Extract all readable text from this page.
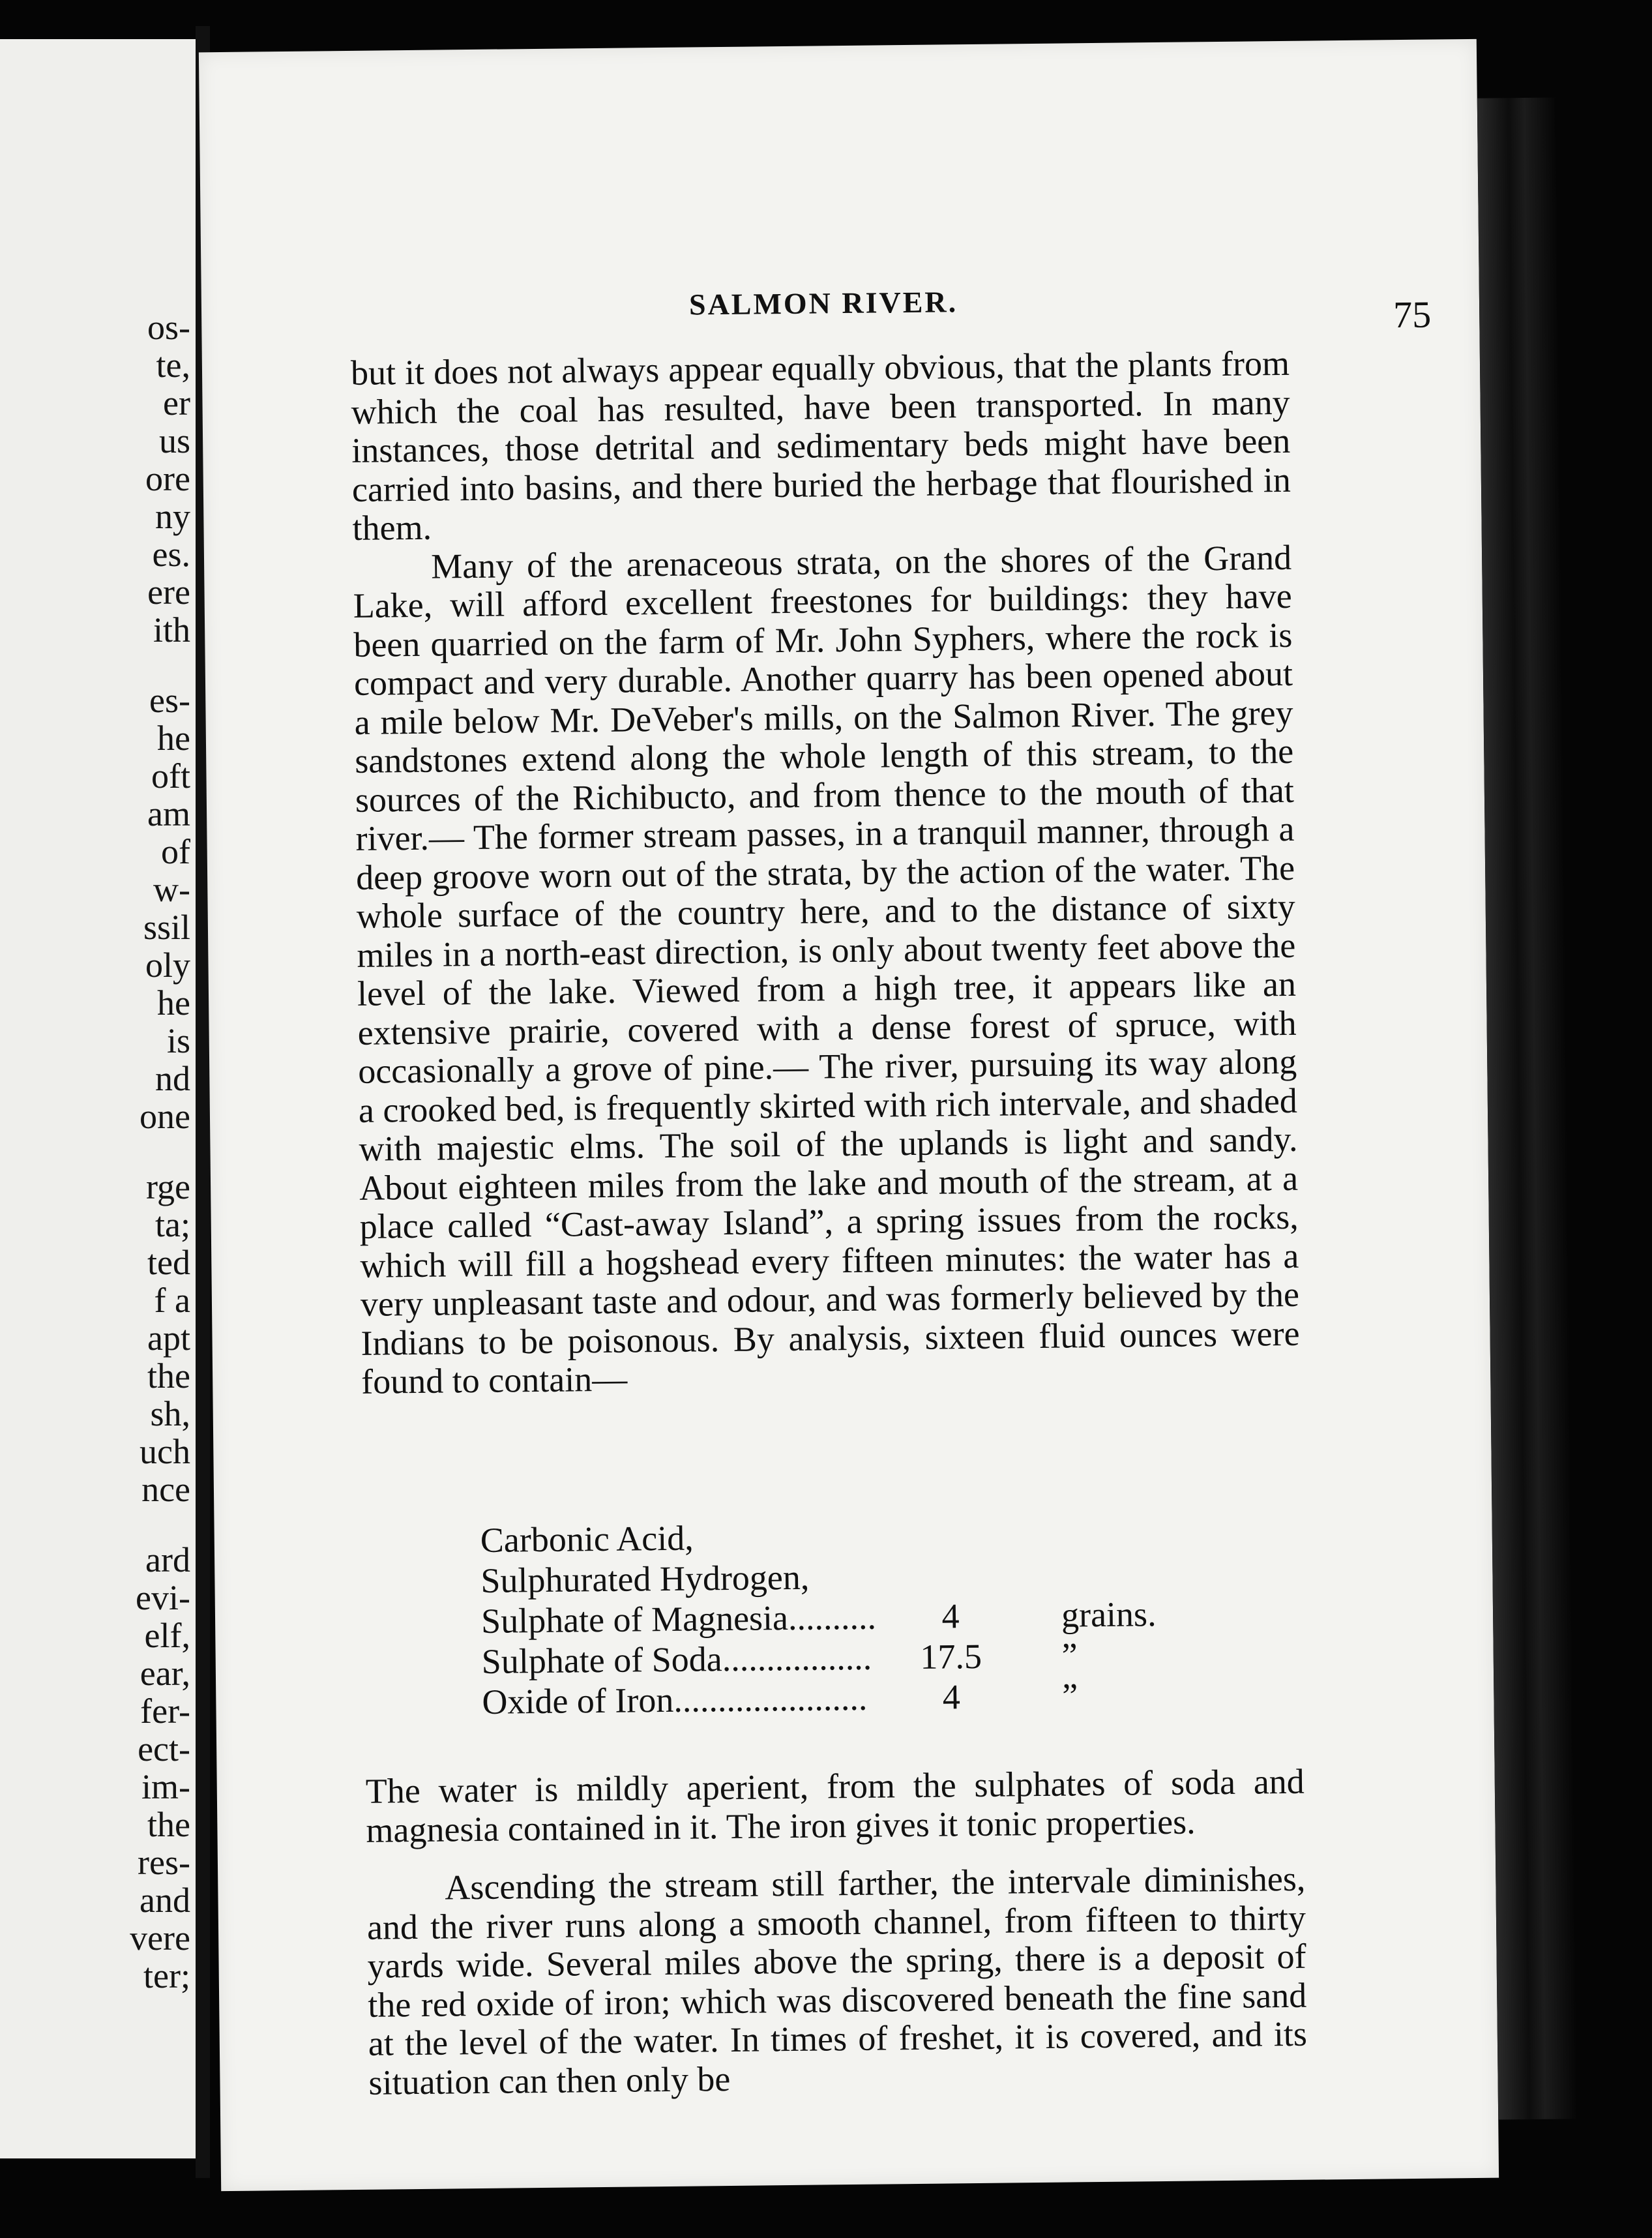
os-
te,
er
us
ore
ny
es.
ere
ith
es-
he
oft
am
of
w-
ssil
oly
he
is
nd
one
rge
ta;
ted
f a
apt
the
sh,
uch
nce
ard
evi-
elf,
ear,
fer-
ect-
im-
the
res-
and
vere
ter;
SALMON RIVER.	75

but it does not always appear equally obvious, that the plants from which the coal has resulted, have been transported. In many instances, those detrital and sedimentary beds might have been carried into basins, and there buried the herbage that flourished in them.

Many of the arenaceous strata, on the shores of the Grand Lake, will afford excellent freestones for buildings: they have been quarried on the farm of Mr. John Syphers, where the rock is compact and very durable. Another quarry has been opened about a mile below Mr. DeVeber's mills, on the Salmon River. The grey sandstones extend along the whole length of this stream, to the sources of the Richibucto, and from thence to the mouth of that river.— The former stream passes, in a tranquil manner, through a deep groove worn out of the strata, by the action of the water. The whole surface of the country here, and to the distance of sixty miles in a north-east direction, is only about twenty feet above the level of the lake. Viewed from a high tree, it appears like an extensive prairie, covered with a dense forest of spruce, with occasionally a grove of pine.— The river, pursuing its way along a crooked bed, is frequently skirted with rich intervale, and shaded with majestic elms. The soil of the uplands is light and sandy. About eighteen miles from the lake and mouth of the stream, at a place called “Cast-away Island”, a spring issues from the rocks, which will fill a hogshead every fifteen minutes: the water has a very unpleasant taste and odour, and was formerly believed by the Indians to be poisonous. By analysis, sixteen fluid ounces were found to contain—

Carbonic Acid,
Sulphurated Hydrogen,
Sulphate of Magnesia..........	4	grains.
Sulphate of Soda................. 17.5 ”
Oxide of Iron......................	4	”

The water is mildly aperient, from the sulphates of soda and magnesia contained in it. The iron gives it tonic properties.

Ascending the stream still farther, the intervale diminishes, and the river runs along a smooth channel, from fifteen to thirty yards wide. Several miles above the spring, there is a deposit of the red oxide of iron; which was discovered beneath the fine sand at the level of the water. In times of freshet, it is covered, and its situation can then only be
